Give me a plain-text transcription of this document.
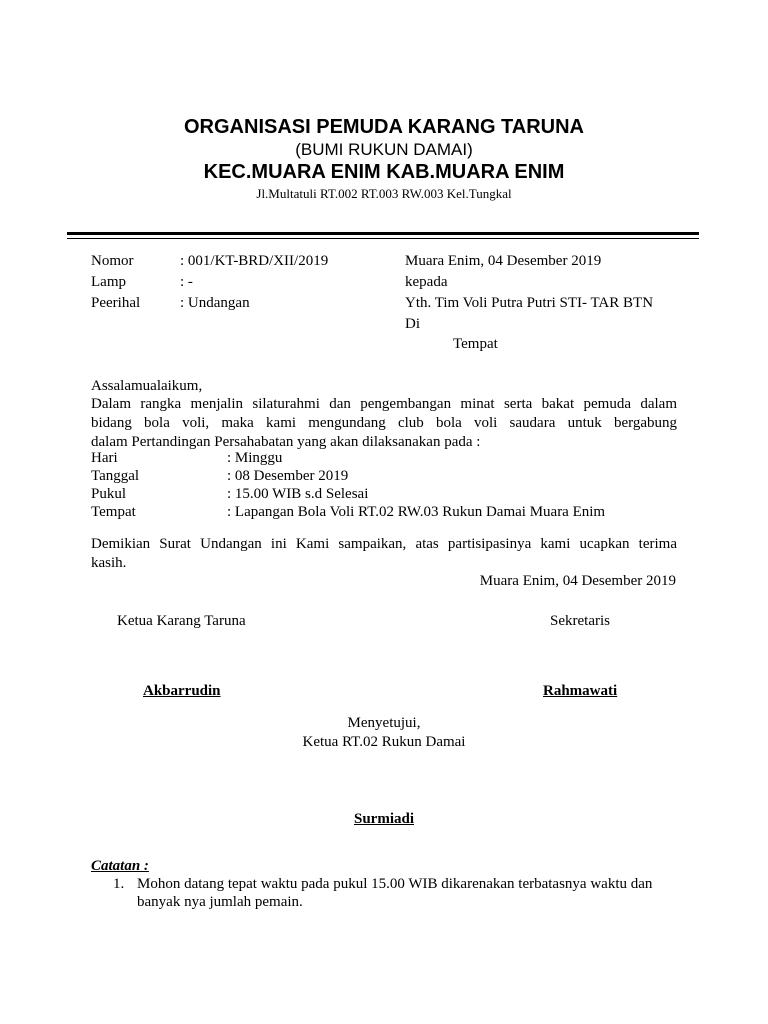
ORGANISASI PEMUDA KARANG TARUNA
(BUMI RUKUN DAMAI)
KEC.MUARA ENIM KAB.MUARA ENIM
Jl.Multatuli RT.002 RT.003 RW.003 Kel.Tungkal
Nomor	: 001/KT-BRD/XII/2019
Lamp	: -
Peerihal	: Undangan
Muara Enim, 04 Desember 2019
kepada
Yth. Tim Voli Putra Putri STI- TAR BTN
Di
Tempat
Assalamualaikum,
Dalam rangka menjalin silaturahmi dan pengembangan minat serta bakat pemuda dalam
bidang bola voli, maka kami mengundang club bola voli saudara untuk bergabung
dalam Pertandingan Persahabatan yang akan dilaksanakan pada :
Hari	: Minggu
Tanggal	: 08 Desember 2019
Pukul	: 15.00 WIB s.d Selesai
Tempat	: Lapangan Bola Voli RT.02 RW.03 Rukun Damai Muara Enim
Demikian Surat Undangan ini Kami sampaikan, atas partisipasinya kami ucapkan terima
kasih.
Muara Enim, 04 Desember 2019
Ketua Karang Taruna	Sekretaris
Akbarrudin	Rahmawati
Menyetujui,
Ketua RT.02 Rukun Damai
Surmiadi
Catatan :
1. Mohon datang tepat waktu pada pukul 15.00 WIB dikarenakan terbatasnya waktu dan
banyak nya jumlah pemain.
